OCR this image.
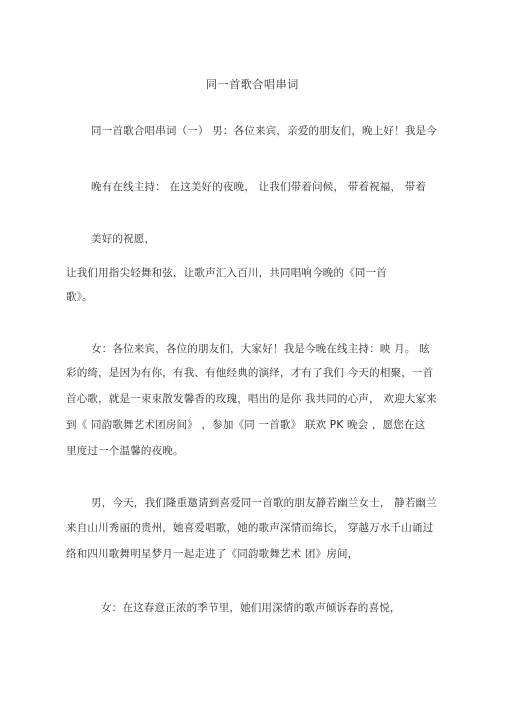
同一首歌合唱串词
同一首歌合唱串词（一） 男：各位来宾，亲爱的朋友们，晚上好！我是今
晚有在线主持： 在这美好的夜晚， 让我们带着问候， 带着祝福， 带着
美好的祝愿，
让我们用指尖轻舞和弦，让歌声汇入百川，共同唱响今晚的《同一首
歌》。
女：各位来宾，各位的朋友们，大家好！我是今晚在线主持：映 月。 眩
彩的绮，是因为有你，有我、有他经典的演绎，才有了我们 今天的相聚，一首
首心歌，就是一束束散发馨香的玫瑰，唱出的是你 我共同的心声， 欢迎大家来
到《 同韵歌舞艺术团房间》 ，参加《同 一首歌》 联欢 PK 晚会 ，愿您在这
里度过一个温馨的夜晚。
男，今天，我们隆重邀请到喜爱同一首歌的朋友静若幽兰女士， 静若幽兰
来自山川秀丽的贵州，她喜爱唱歌，她的歌声深情而绵长， 穿越万水千山诵过
络和四川歌舞明星梦月一起走进了《同韵歌舞艺术 团》房间，
女：在这春意正浓的季节里，她们用深情的歌声倾诉春的喜悦，
